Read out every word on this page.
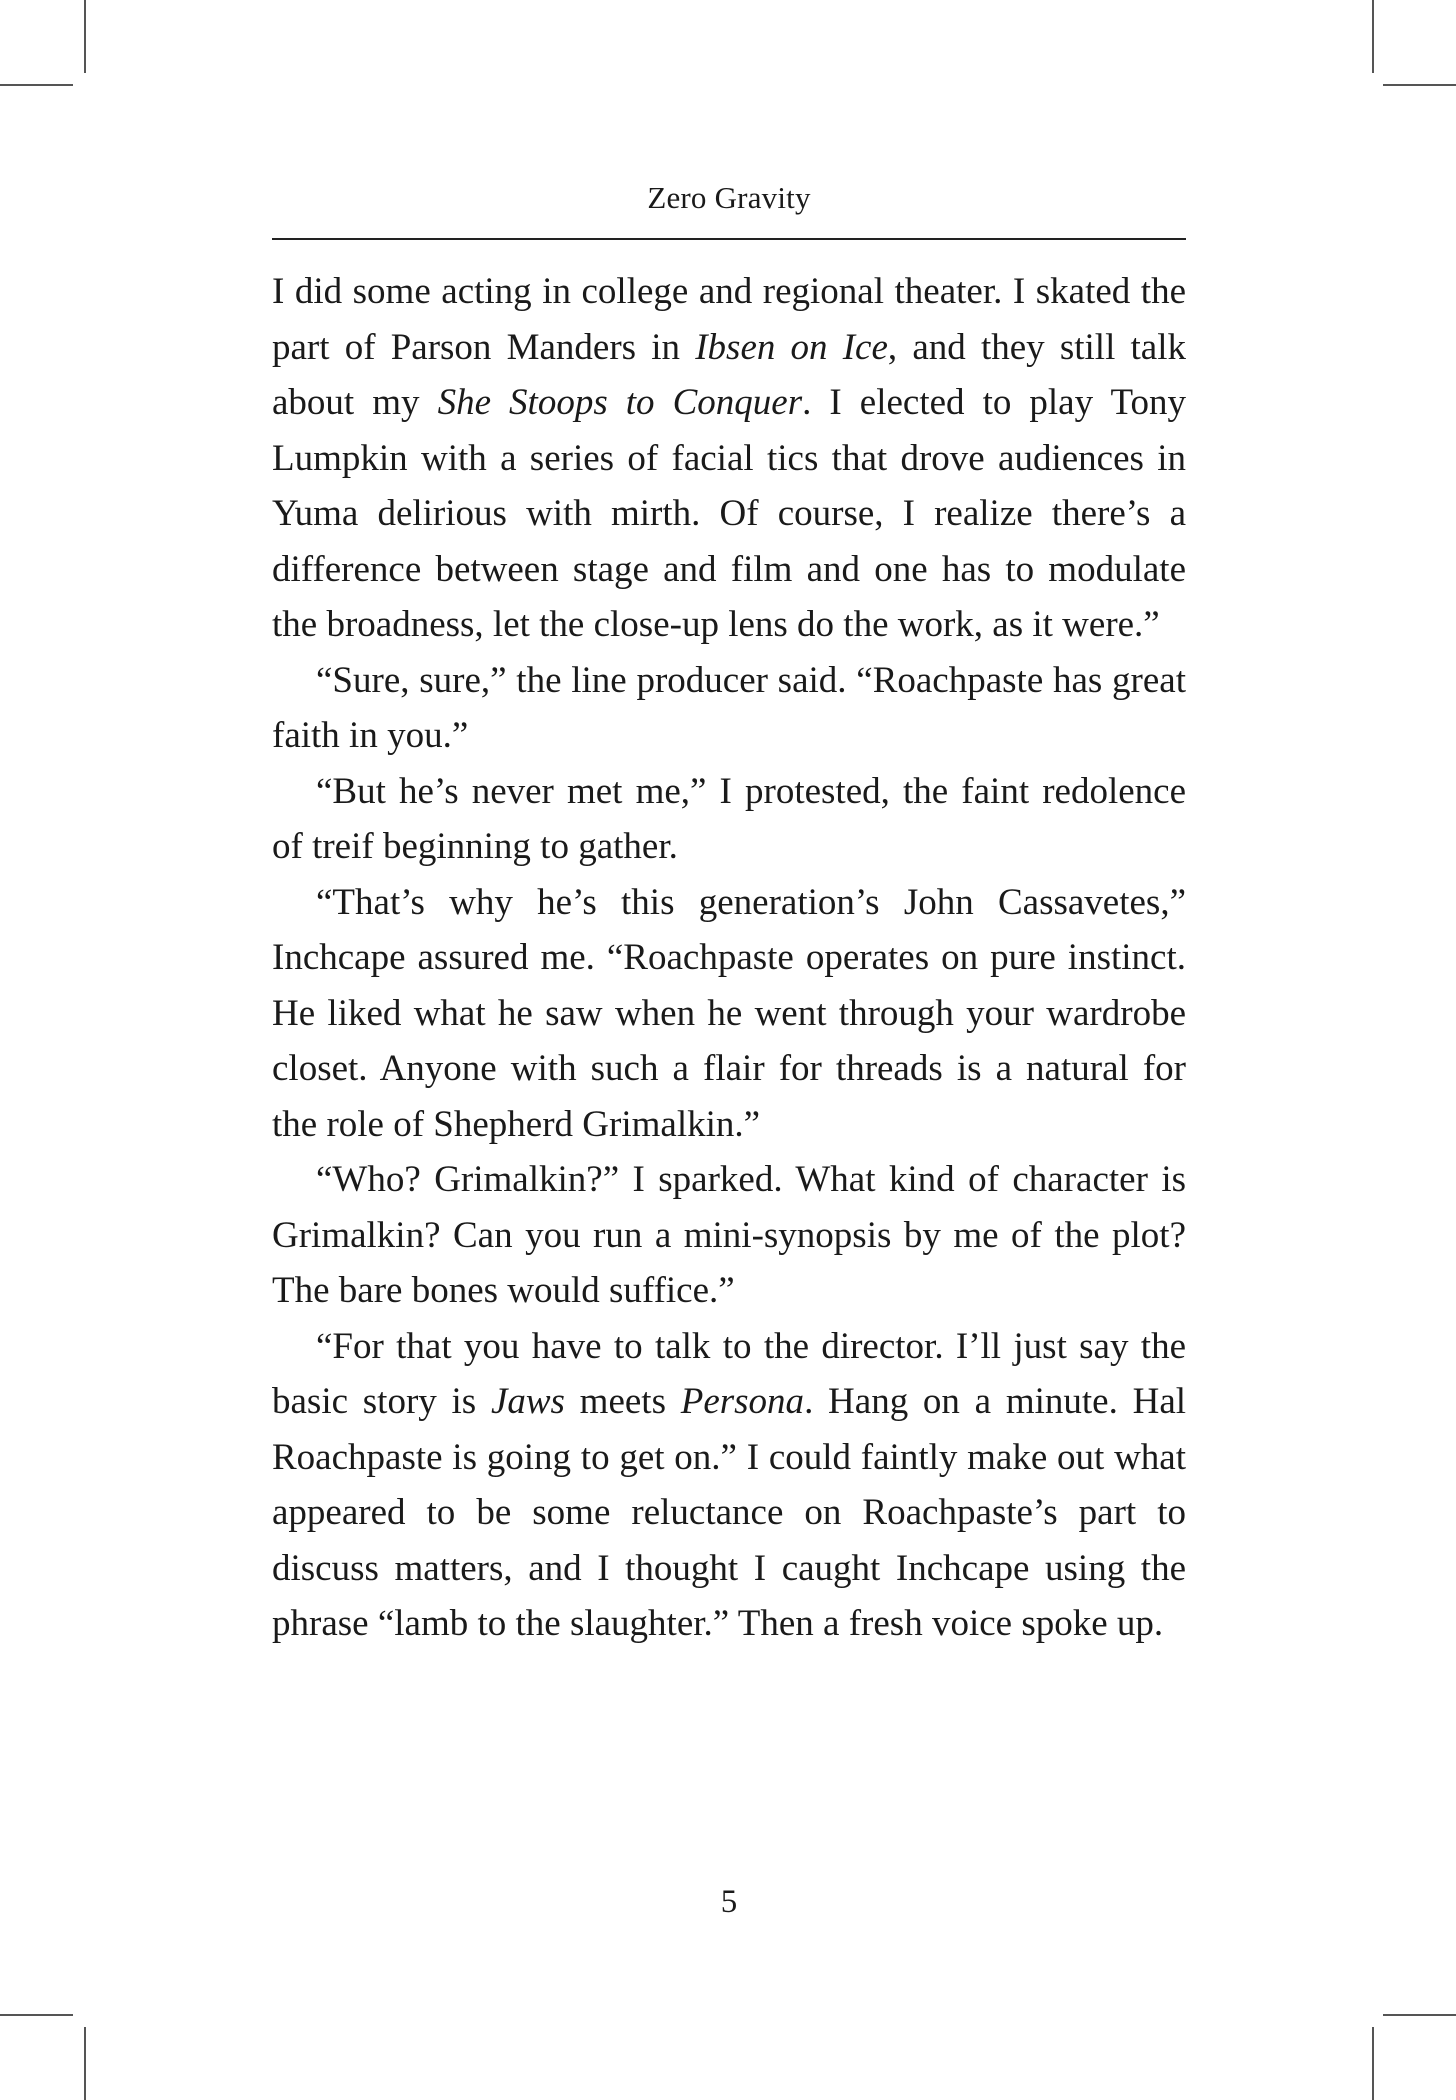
Zero Gravity

I did some acting in college and regional theater. I skated the part of Parson Manders in Ibsen on Ice, and they still talk about my She Stoops to Conquer. I elected to play Tony Lumpkin with a series of facial tics that drove audiences in Yuma delirious with mirth. Of course, I realize there’s a difference between stage and film and one has to modulate the broadness, let the close-up lens do the work, as it were.”

“Sure, sure,” the line producer said. “Roachpaste has great faith in you.”

“But he’s never met me,” I protested, the faint redolence of treif beginning to gather.

“That’s why he’s this generation’s John Cassavetes,” Inchcape assured me. “Roachpaste operates on pure instinct. He liked what he saw when he went through your wardrobe closet. Anyone with such a flair for threads is a natural for the role of Shepherd Grimalkin.”

“Who? Grimalkin?” I sparked. What kind of character is Grimalkin? Can you run a mini-synopsis by me of the plot? The bare bones would suffice.”

“For that you have to talk to the director. I’ll just say the basic story is Jaws meets Persona. Hang on a minute. Hal Roachpaste is going to get on.” I could faintly make out what appeared to be some reluctance on Roachpaste’s part to discuss matters, and I thought I caught Inchcape using the phrase “lamb to the slaughter.” Then a fresh voice spoke up.

5
